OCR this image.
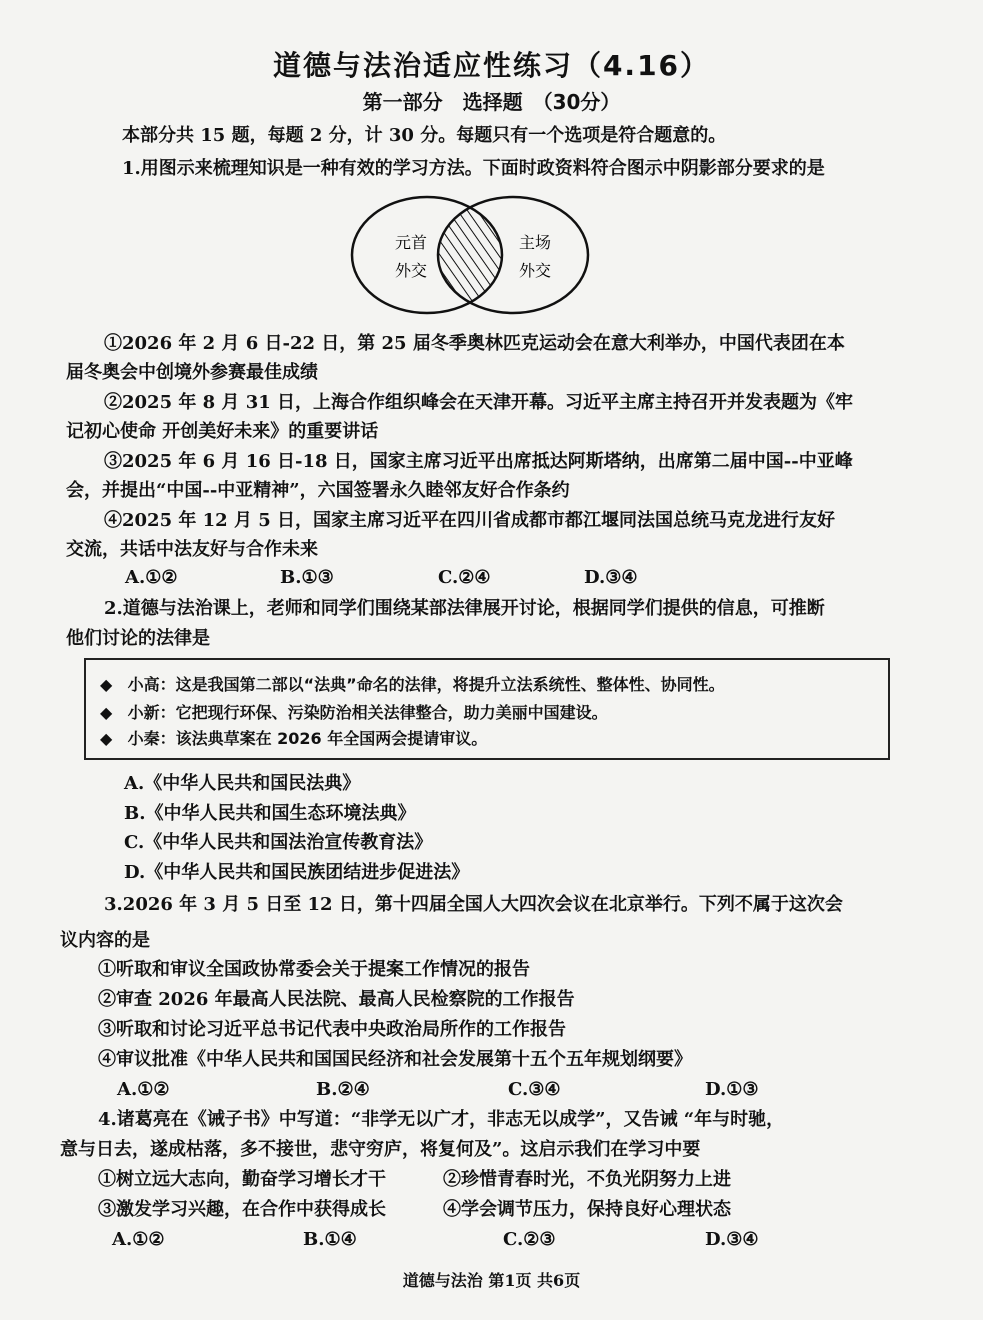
道德与法治适应性练习（4.16）
第一部分　选择题　（30分）
本部分共 15 题，每题 2 分，计 30 分。每题只有一个选项是符合题意的。
1.用图示来梳理知识是一种有效的学习方法。下面时政资料符合图示中阴影部分要求的是
元首
外交
主场
外交
①2026 年 2 月 6 日-22 日，第 25 届冬季奥林匹克运动会在意大利举办，中国代表团在本
届冬奥会中创境外参赛最佳成绩
②2025 年 8 月 31 日，上海合作组织峰会在天津开幕。习近平主席主持召开并发表题为《牢
记初心使命 开创美好未来》的重要讲话
③2025 年 6 月 16 日-18 日，国家主席习近平出席抵达阿斯塔纳，出席第二届中国--中亚峰
会，并提出“中国--中亚精神”，六国签署永久睦邻友好合作条约
④2025 年 12 月 5 日，国家主席习近平在四川省成都市都江堰同法国总统马克龙进行友好
交流，共话中法友好与合作未来
A.①②	B.①③	C.②④	D.③④
2.道德与法治课上，老师和同学们围绕某部法律展开讨论，根据同学们提供的信息，可推断
他们讨论的法律是
◆ 小高：这是我国第二部以“法典”命名的法律，将提升立法系统性、整体性、协同性。
◆ 小新：它把现行环保、污染防治相关法律整合，助力美丽中国建设。
◆ 小秦：该法典草案在 2026 年全国两会提请审议。
A.《中华人民共和国民法典》
B.《中华人民共和国生态环境法典》
C.《中华人民共和国法治宣传教育法》
D.《中华人民共和国民族团结进步促进法》
3.2026 年 3 月 5 日至 12 日，第十四届全国人大四次会议在北京举行。下列不属于这次会
议内容的是
①听取和审议全国政协常委会关于提案工作情况的报告
②审查 2026 年最高人民法院、最高人民检察院的工作报告
③听取和讨论习近平总书记代表中央政治局所作的工作报告
④审议批准《中华人民共和国国民经济和社会发展第十五个五年规划纲要》
A.①②	B.②④	C.③④	D.①③
4.诸葛亮在《诫子书》中写道：“非学无以广才，非志无以成学”，又告诫 “年与时驰，
意与日去，遂成枯落，多不接世，悲守穷庐，将复何及”。这启示我们在学习中要
①树立远大志向，勤奋学习增长才干	②珍惜青春时光，不负光阴努力上进
③激发学习兴趣，在合作中获得成长	④学会调节压力，保持良好心理状态
A.①②	B.①④	C.②③	D.③④
道德与法治 第1页 共6页
